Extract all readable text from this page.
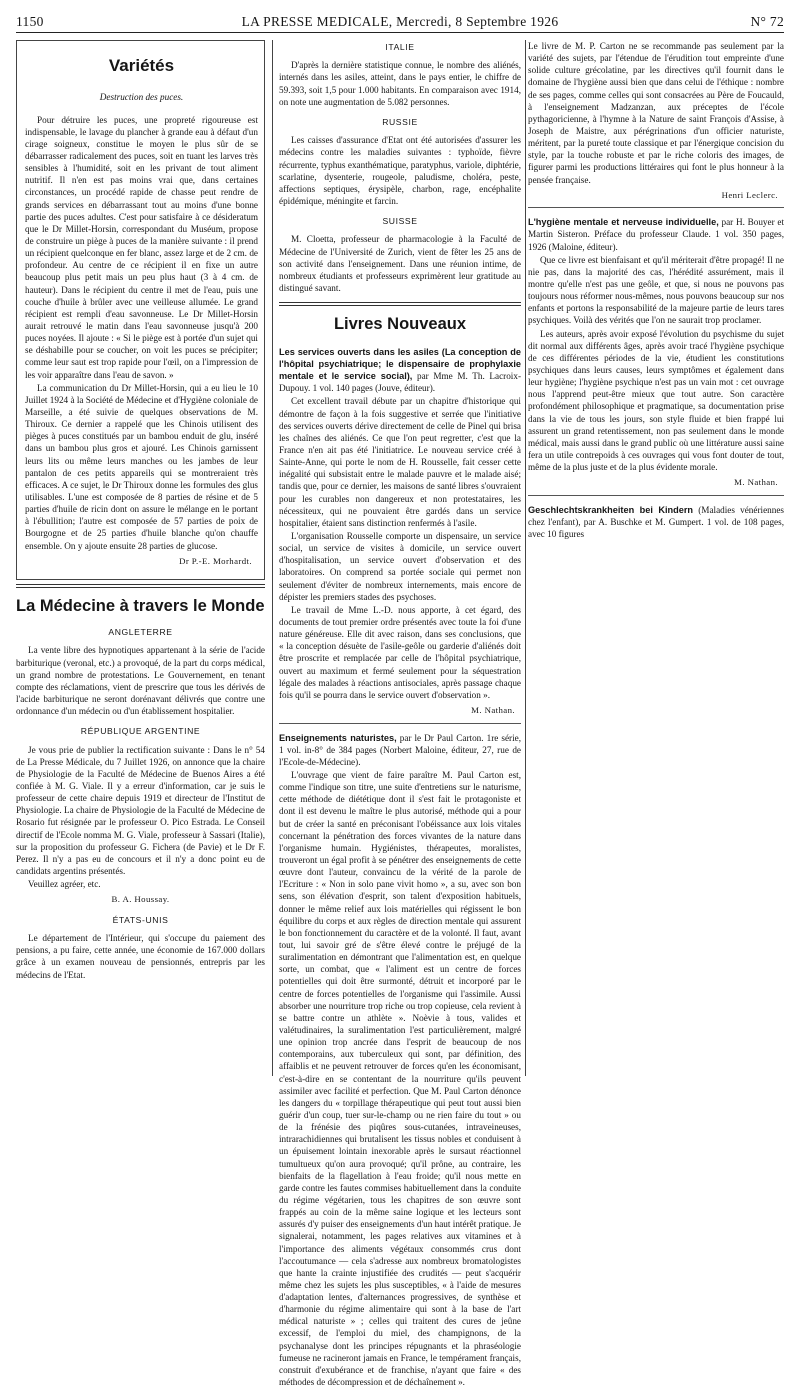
1150	LA PRESSE MEDICALE, Mercredi, 8 Septembre 1926	N° 72
Variétés
Destruction des puces.

Pour détruire les puces, une propreté rigoureuse est indispensable, le lavage du plancher à grande eau à défaut d'un cirage soigneux, constitue le moyen le plus sûr de se débarrasser radicalement des puces, soit en tuant les larves très sensibles à l'humidité, soit en les privant de tout aliment nutritif. Il n'en est pas moins vrai que, dans certaines circonstances, un procédé rapide de chasse peut rendre de grands services en débarrassant tout au moins d'une bonne partie des puces adultes. C'est pour satisfaire à ce désideratum que le Dr Millet-Horsin, correspondant du Muséum, propose de construire un piège à puces de la manière suivante : il prend un récipient quelconque en fer blanc, assez large et de 2 cm. de profondeur. Au centre de ce récipient il en fixe un autre beaucoup plus petit mais un peu plus haut (3 à 4 cm. de hauteur). Dans le récipient du centre il met de l'eau, puis une couche d'huile à brûler avec une veilleuse allumée. Le grand récipient est rempli d'eau savonneuse. Le Dr Millet-Horsin aurait retrouvé le matin dans l'eau savonneuse jusqu'à 200 puces noyées. Il ajoute : « Si le piège est à portée d'un sujet qui se déshabille pour se coucher, on voit les puces se précipiter; comme leur saut est trop rapide pour l'œil, on a l'impression de les voir apparaître dans l'eau de savon. »

La communication du Dr Millet-Horsin, qui a eu lieu le 10 Juillet 1924 à la Société de Médecine et d'Hygiène coloniale de Marseille, a été suivie de quelques observations de M. Thiroux. Ce dernier a rappelé que les Chinois utilisent des pièges à puces constitués par un bambou enduit de glu, inséré dans un bambou plus gros et ajouré. Les Chinois garnissent leurs lits ou même leurs manches ou les jambes de leur pantalon de ces petits appareils qui se montreraient très efficaces. A ce sujet, le Dr Thiroux donne les formules des glus utilisables. L'une est composée de 8 parties de résine et de 5 parties d'huile de ricin dont on assure le mélange en le portant à l'ébullition; l'autre est composée de 57 parties de poix de Bourgogne et de 25 parties d'huile blanche qu'on chauffe ensemble. On y ajoute ensuite 28 parties de glucose.

Dr P.-E. Morhardt.
La Médecine à travers le Monde
ANGLETERRE

La vente libre des hypnotiques appartenant à la série de l'acide barbiturique (veronal, etc.) a provoqué, de la part du corps médical, un grand nombre de protestations. Le Gouvernement, en tenant compte des réclamations, vient de prescrire que tous les dérivés de l'acide barbiturique ne seront dorénavant délivrés que contre une ordonnance d'un médecin ou d'un établissement hospitalier.

RÉPUBLIQUE ARGENTINE

Je vous prie de publier la rectification suivante : Dans le n° 54 de La Presse Médicale, du 7 Juillet 1926, on annonce que la chaire de Physiologie de la Faculté de Médecine de Buenos Aires a été confiée à M. G. Viale. Il y a erreur d'information, car je suis le professeur de cette chaire depuis 1919 et directeur de l'Institut de Physiologie. La chaire de Physiologie de la Faculté de Médecine de Rosario fut résignée par le professeur O. Pico Estrada. Le Conseil directif de l'Ecole nomma M. G. Viale, professeur à Sassari (Italie), sur la proposition du professeur G. Fichera (de Pavie) et le Dr F. Perez. Il n'y a pas eu de concours et il n'y a donc point eu de candidats argentins présentés.

Veuillez agréer, etc.

B. A. Houssay.
ÉTATS-UNIS

Le département de l'Intérieur, qui s'occupe du paiement des pensions, a pu faire, cette année, une économie de 167.000 dollars grâce à un examen nouveau de pensionnés, entrepris par les médecins de l'Etat.

ITALIE

D'après la dernière statistique connue, le nombre des aliénés, internés dans les asiles, atteint, dans le pays entier, le chiffre de 59.393, soit 1,5 pour 1.000 habitants. En comparaison avec 1914, on note une augmentation de 5.082 personnes.

RUSSIE

Les caisses d'assurance d'Etat ont été autorisées d'assurer les médecins contre les maladies suivantes : typhoïde, fièvre récurrente, typhus exanthématique, paratyphus, variole, diphtérie, scarlatine, dysenterie, rougeole, paludisme, choléra, peste, affections septiques, érysipèle, charbon, rage, encéphalite épidémique, méningite et farcin.

SUISSE

M. Cloetta, professeur de pharmacologie à la Faculté de Médecine de l'Université de Zurich, vient de fêter les 25 ans de son activité dans l'enseignement. Dans une réunion intime, de nombreux étudiants et professeurs exprimèrent leur gratitude au distingué savant.

Livres Nouveaux

Les services ouverts dans les asiles (La conception de l'hôpital psychiatrique; le dispensaire de prophylaxie mentale et le service social), par Mme M. Th. Lacroix-Dupouy. 1 vol. 140 pages (Jouve, éditeur).

Cet excellent travail débute par un chapitre d'historique qui démontre de façon à la fois suggestive et serrée que l'initiative des services ouverts dérive directement de celle de Pinel qui brisa les chaînes des aliénés. Ce que l'on peut regretter, c'est que la France n'en ait pas été l'initiatrice. Le nouveau service créé à Sainte-Anne, qui porte le nom de H. Rousselle, fait cesser cette inégalité qui subsistait entre le malade pauvre et le malade aisé; tandis que, pour ce dernier, les maisons de santé libres s'ouvraient pour les curables non dangereux et non protestataires, les nécessiteux, qui ne pouvaient être gardés dans un service hospitalier, étaient sans distinction renfermés à l'asile.

L'organisation Rousselle comporte un dispensaire, un service social, un service de visites à domicile, un service ouvert d'hospitalisation, un service ouvert d'observation et des laboratoires. On comprend sa portée sociale qui permet non seulement d'éviter de nombreux internements, mais encore de dépister les premiers stades des psychoses.

Le travail de Mme L.-D. nous apporte, à cet égard, des documents de tout premier ordre présentés avec toute la foi d'une nature généreuse. Elle dit avec raison, dans ses conclusions, que « la conception désuète de l'asile-geôle ou garderie d'aliénés doit être proscrite et remplacée par celle de l'hôpital psychiatrique, ouvert au maximum et fermé seulement pour la séquestration légale des malades à réactions antisociales, après passage chaque fois qu'il se pourra dans le service ouvert d'observation ».

M. Nathan.

Enseignements naturistes, par le Dr Paul Carton. 1re série, 1 vol. in-8° de 384 pages (Norbert Maloine, éditeur, 27, rue de l'Ecole-de-Médecine).

L'ouvrage que vient de faire paraître M. Paul Carton est, comme l'indique son titre, une suite d'entretiens sur le naturisme, cette méthode de diététique dont il s'est fait le protagoniste et dont il est devenu le maître le plus autorisé, méthode qui a pour but de créer la santé en préconisant l'obéissance aux lois vitales concernant la pénétration des forces vivantes de la nature dans l'organisme humain. Hygiénistes, thérapeutes, moralistes, trouveront un égal profit à se pénétrer des enseignements de cette œuvre dont l'auteur, convaincu de la vérité de la parole de l'Ecriture : « Non in solo pane vivit homo », a su, avec son bon sens, son élévation d'esprit, son talent d'exposition habituels, donner le même relief aux lois matérielles qui régissent le bon équilibre du corps et aux règles de direction mentale qui assurent le bon fonctionnement du caractère et de la volonté. Il faut, avant tout, lui savoir gré de s'être élevé contre le préjugé de la suralimentation en démontrant que l'alimentation est, en quelque sorte, un combat, que « l'aliment est un centre de forces potentielles qui doit être surmonté, détruit et incorporé par le centre de forces potentielles de l'organisme qui l'assimile. Aussi absorber une nourriture trop riche ou trop copieuse, cela revient à se battre contre un athlète ». Noèvie à tous, valides et valétudinaires, la suralimentation l'est particulièrement, malgré une opinion trop ancrée dans l'esprit de beaucoup de nos contemporains, aux tuberculeux qui sont, par définition, des affaiblis et ne peuvent retrouver de forces qu'en les économisant, c'est-à-dire en se contentant de la nourriture qu'ils peuvent assimiler avec facilité et perfection. Que M. Paul Carton dénonce les dangers du « torpillage thérapeutique qui peut tout aussi bien guérir d'un coup, tuer sur-le-champ ou ne rien faire du tout » ou de la frénésie des piqûres sous-cutanées, intraveineuses, intrarachidiennes qui brutalisent les tissus nobles et conduisent à un épuisement lointain inexorable après le sursaut réactionnel tumultueux qu'on aura provoqué; qu'il prône, au contraire, les bienfaits de la flagellation à l'eau froide; qu'il nous mette en garde contre les fautes commises habituellement dans la conduite du régime végétarien, tous les chapitres de son œuvre sont frappés au coin de la même saine logique et les lecteurs sont assurés d'y puiser des enseignements d'un haut intérêt pratique. Je signalerai, notamment, les pages relatives aux vitamines et à l'importance des aliments végétaux consommés crus dont l'accoutumance — cela s'adresse aux nombreux bromatologistes que hante la crainte injustifiée des crudités — peut s'acquérir même chez les sujets les plus susceptibles, « à l'aide de mesures d'adaptation lentes, d'alternances progressives, de synthèse et d'harmonie du régime alimentaire qui sont à la base de l'art médical naturiste » ; celles qui traitent des cures de jeûne excessif, de l'emploi du miel, des champignons, de la psychanalyse dont les principes répugnants et la phraséologie fumeuse ne racineront jamais en France, le tempérament français, construit d'exubérance et de franchise, n'ayant que faire « des méthodes de décompression et de déchaînement ».

Le livre de M. P. Carton ne se recommande pas seulement par la variété des sujets, par l'étendue de l'érudition tout empreinte d'une solide culture grécolatine, par les directives qu'il fournit dans le domaine de l'hygiène aussi bien que dans celui de l'éthique : nombre de ses pages, comme celles qui sont consacrées au Père de Foucauld, à l'enseignement Madzanzan, aux préceptes de l'école pythagoricienne, à l'hymne à la Nature de saint François d'Assise, à Joseph de Maistre, aux pérégrinations d'un officier naturiste, méritent, par la pureté toute classique et par l'énergique concision du style, par la touche robuste et par le riche coloris des images, de figurer parmi les productions littéraires qui font le plus honneur à la pensée française.

Henri Leclerc.

L'hygiène mentale et nerveuse individuelle, par H. Bouyer et Martin Sisteron. Préface du professeur Claude. 1 vol. 350 pages, 1926 (Maloine, éditeur).

Que ce livre est bienfaisant et qu'il mériterait d'être propagé! Il ne nie pas, dans la majorité des cas, l'hérédité assurément, mais il montre qu'elle n'est pas une geôle, et que, si nous ne pouvons pas toujours nous réformer nous-mêmes, nous pouvons beaucoup sur nos enfants et portons la responsabilité de la majeure partie de leurs tares psychiques. Voilà des vérités que l'on ne saurait trop proclamer.

Les auteurs, après avoir exposé l'évolution du psychisme du sujet dit normal aux différents âges, après avoir tracé l'hygiène psychique de ces différentes périodes de la vie, étudient les constitutions psychiques dans leurs causes, leurs symptômes et également dans leur hygiène; l'hygiène psychique n'est pas un vain mot : cet ouvrage nous l'apprend peut-être mieux que tout autre. Son caractère profondément philosophique et pragmatique, sa documentation prise dans la vie de tous les jours, son style fluide et bien frappé lui assurent un grand retentissement, non pas seulement dans le monde médical, mais aussi dans le grand public où une littérature aussi saine fera un utile contrepoids à ces ouvrages qui vous font douter de tout, même de la plus juste et de la plus évidente morale.

M. Nathan.

Geschlechtskrankheiten bei Kindern (Maladies vénériennes chez l'enfant), par A. Buschke et M. Gumpert. 1 vol. de 108 pages, avec 10 figures
